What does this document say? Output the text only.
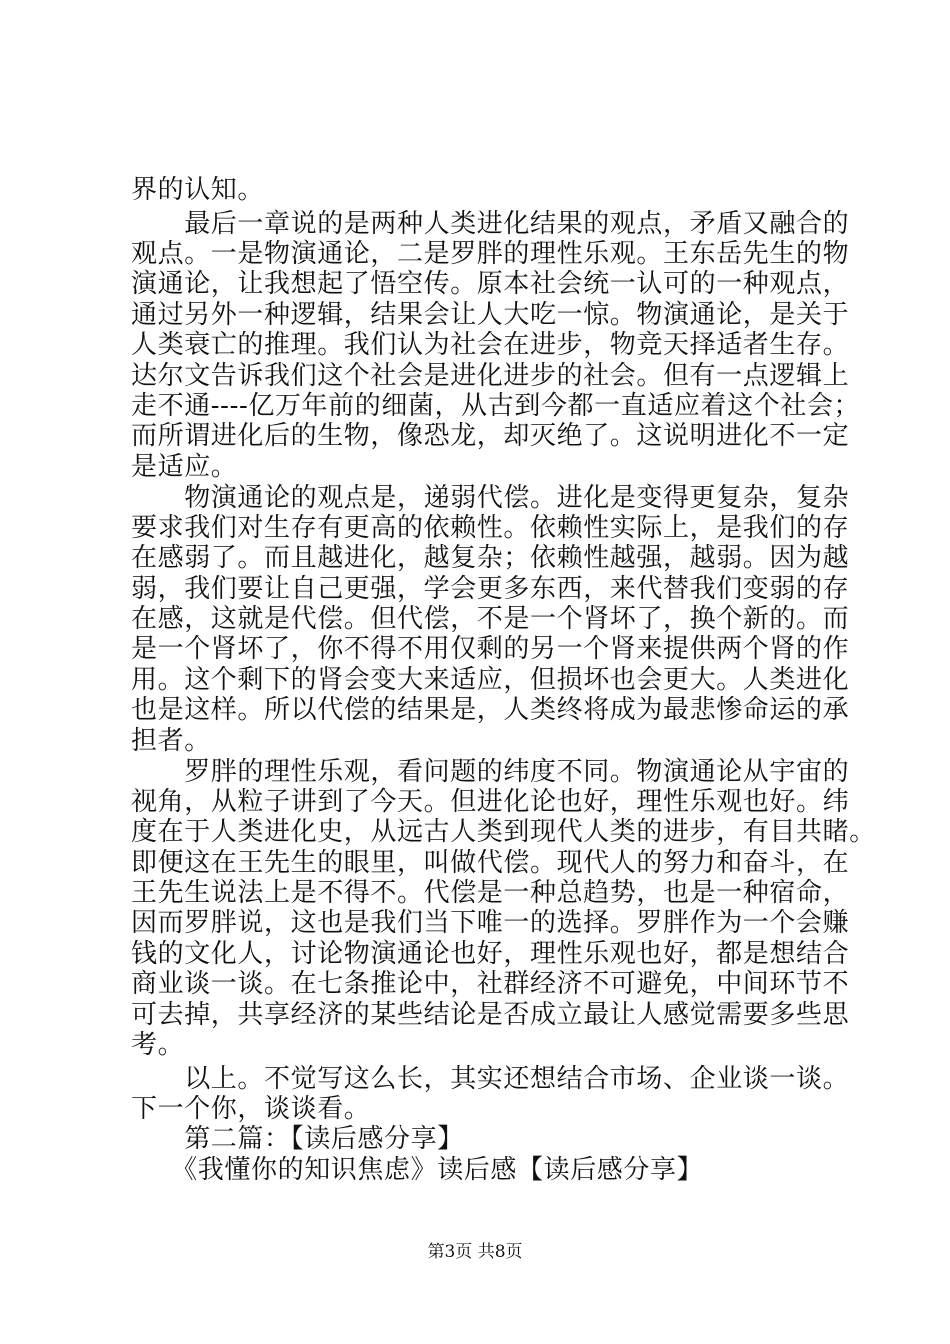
界的认知。
　　最后一章说的是两种人类进化结果的观点，矛盾又融合的
观点。一是物演通论，二是罗胖的理性乐观。王东岳先生的物
演通论，让我想起了悟空传。原本社会统一认可的一种观点，
通过另外一种逻辑，结果会让人大吃一惊。物演通论，是关于
人类衰亡的推理。我们认为社会在进步，物竞天择适者生存。
达尔文告诉我们这个社会是进化进步的社会。但有一点逻辑上
走不通----亿万年前的细菌，从古到今都一直适应着这个社会；
而所谓进化后的生物，像恐龙，却灭绝了。这说明进化不一定
是适应。
　　物演通论的观点是，递弱代偿。进化是变得更复杂，复杂
要求我们对生存有更高的依赖性。依赖性实际上，是我们的存
在感弱了。而且越进化，越复杂；依赖性越强，越弱。因为越
弱，我们要让自己更强，学会更多东西，来代替我们变弱的存
在感，这就是代偿。但代偿，不是一个肾坏了，换个新的。而
是一个肾坏了，你不得不用仅剩的另一个肾来提供两个肾的作
用。这个剩下的肾会变大来适应，但损坏也会更大。人类进化
也是这样。所以代偿的结果是，人类终将成为最悲惨命运的承
担者。
　　罗胖的理性乐观，看问题的纬度不同。物演通论从宇宙的
视角，从粒子讲到了今天。但进化论也好，理性乐观也好。纬
度在于人类进化史，从远古人类到现代人类的进步，有目共睹。
即便这在王先生的眼里，叫做代偿。现代人的努力和奋斗，在
王先生说法上是不得不。代偿是一种总趋势，也是一种宿命，
因而罗胖说，这也是我们当下唯一的选择。罗胖作为一个会赚
钱的文化人，讨论物演通论也好，理性乐观也好，都是想结合
商业谈一谈。在七条推论中，社群经济不可避免，中间环节不
可去掉，共享经济的某些结论是否成立最让人感觉需要多些思
考。
　　以上。不觉写这么长，其实还想结合市场、企业谈一谈。
下一个你，谈谈看。
　　第二篇：【读后感分享】
　　《我懂你的知识焦虑》读后感【读后感分享】
第3页 共8页
